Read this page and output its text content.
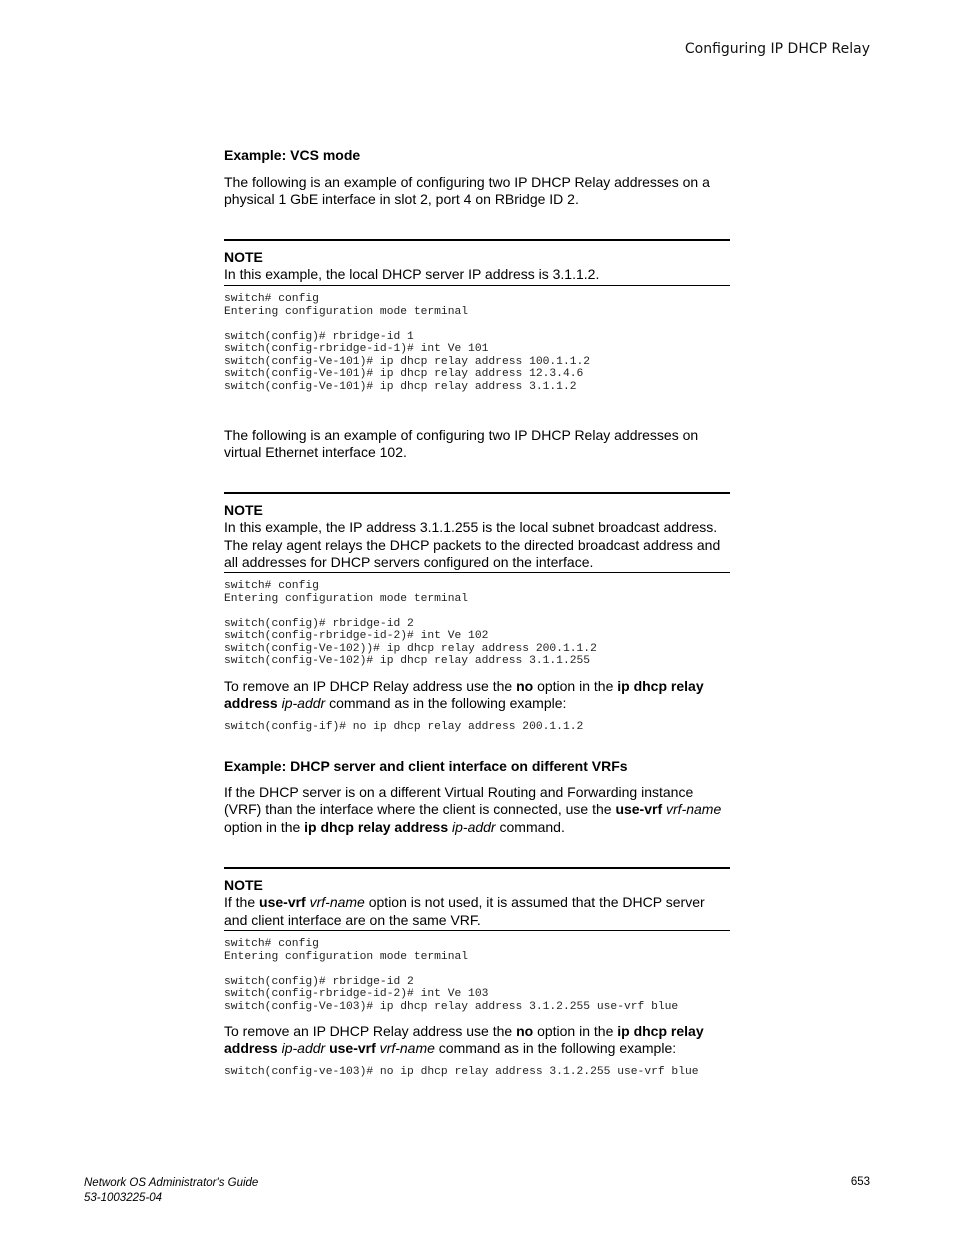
Configuring IP DHCP Relay
Example: VCS mode
The following is an example of configuring two IP DHCP Relay addresses on a physical 1 GbE interface in slot 2, port 4 on RBridge ID 2.
NOTE
In this example, the local DHCP server IP address is 3.1.1.2.
switch# config
Entering configuration mode terminal

switch(config)# rbridge-id 1
switch(config-rbridge-id-1)# int Ve 101
switch(config-Ve-101)# ip dhcp relay address 100.1.1.2
switch(config-Ve-101)# ip dhcp relay address 12.3.4.6
switch(config-Ve-101)# ip dhcp relay address 3.1.1.2
The following is an example of configuring two IP DHCP Relay addresses on virtual Ethernet interface 102.
NOTE
In this example, the IP address 3.1.1.255 is the local subnet broadcast address. The relay agent relays the DHCP packets to the directed broadcast address and all addresses for DHCP servers configured on the interface.
switch# config
Entering configuration mode terminal

switch(config)# rbridge-id 2
switch(config-rbridge-id-2)# int Ve 102
switch(config-Ve-102))# ip dhcp relay address 200.1.1.2
switch(config-Ve-102)# ip dhcp relay address 3.1.1.255
To remove an IP DHCP Relay address use the no option in the ip dhcp relay address ip-addr command as in the following example:
switch(config-if)# no ip dhcp relay address 200.1.1.2
Example: DHCP server and client interface on different VRFs
If the DHCP server is on a different Virtual Routing and Forwarding instance (VRF) than the interface where the client is connected, use the use-vrf vrf-name option in the ip dhcp relay address ip-addr command.
NOTE
If the use-vrf vrf-name option is not used, it is assumed that the DHCP server and client interface are on the same VRF.
switch# config
Entering configuration mode terminal

switch(config)# rbridge-id 2
switch(config-rbridge-id-2)# int Ve 103
switch(config-Ve-103)# ip dhcp relay address 3.1.2.255 use-vrf blue
To remove an IP DHCP Relay address use the no option in the ip dhcp relay address ip-addr use-vrf vrf-name command as in the following example:
switch(config-ve-103)# no ip dhcp relay address 3.1.2.255 use-vrf blue
Network OS Administrator's Guide
53-1003225-04
653
